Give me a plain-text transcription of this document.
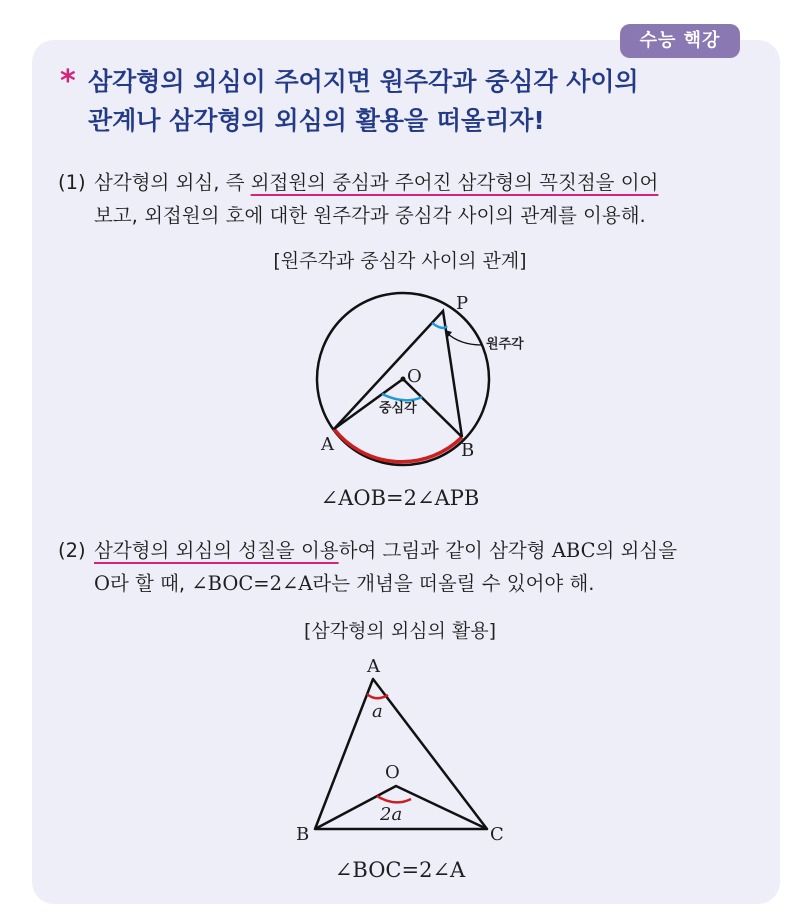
수능 핵강
* 삼각형의 외심이 주어지면 원주각과 중심각 사이의
관계나 삼각형의 외심의 활용을 떠올리자!
(1) 삼각형의 외심, 즉 외접원의 중심과 주어진 삼각형의 꼭짓점을 이어
보고, 외접원의 호에 대한 원주각과 중심각 사이의 관계를 이용해.
[원주각과 중심각 사이의 관계]
P
O
A	B
원주각
중심각
∠AOB=2∠APB
(2) 삼각형의 외심의 성질을 이용하여 그림과 같이 삼각형 ABC의 외심을
O라 할 때, ∠BOC=2∠A라는 개념을 떠올릴 수 있어야 해.
[삼각형의 외심의 활용]
A
a
O
2a
B	C
∠BOC=2∠A
